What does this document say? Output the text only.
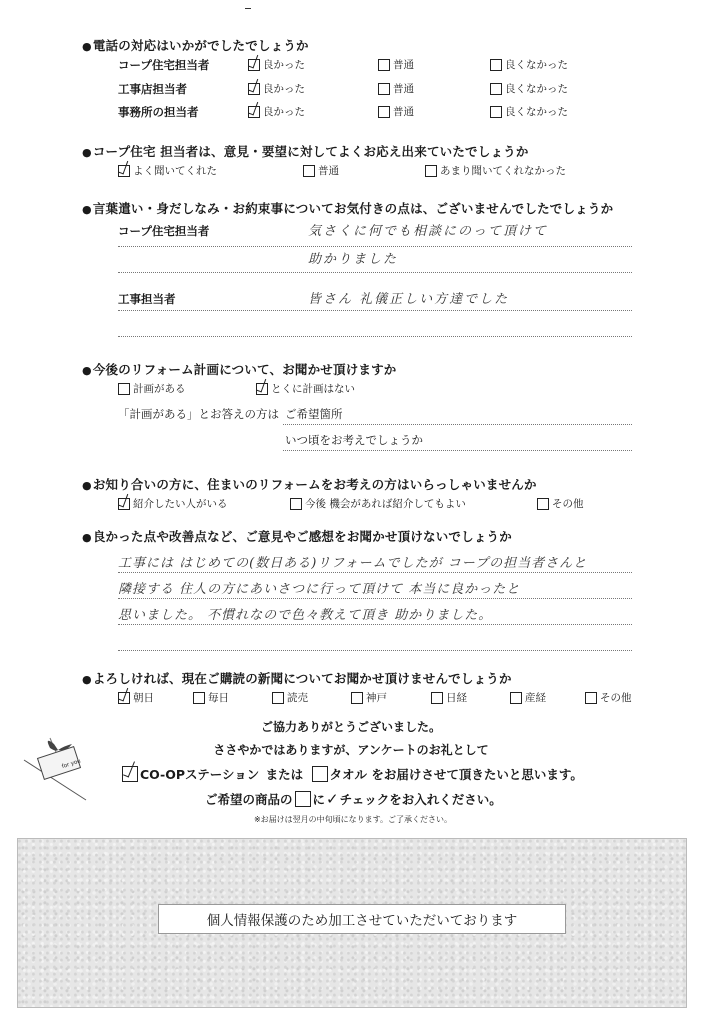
● 電話の対応はいかがでしたでしょうか
コープ住宅担当者	良かった	普通	良くなかった
工事店担当者	良かった	普通	良くなかった
事務所の担当者	良かった	普通	良くなかった
● コープ住宅 担当者は、意見・要望に対してよくお応え出来ていたでしょうか
よく聞いてくれた	普通	あまり聞いてくれなかった
● 言葉遣い・身だしなみ・お約束事についてお気付きの点は、ございませんでしたでしょうか
コープ住宅担当者	気さくに何でも相談にのって頂けて
助かりました
工事担当者	皆さん 礼儀正しい方達でした
● 今後のリフォーム計画について、お聞かせ頂けますか
計画がある	とくに計画はない
「計画がある」とお答えの方は ご希望箇所
いつ頃をお考えでしょうか
● お知り合いの方に、住まいのリフォームをお考えの方はいらっしゃいませんか
紹介したい人がいる	今後 機会があれば紹介してもよい	その他
● 良かった点や改善点など、ご意見やご感想をお聞かせ頂けないでしょうか
工事には はじめての(数日ある)リフォームでしたが コープの担当者さんと
隣接する 住人の方にあいさつに行って頂けて 本当に良かったと
思いました。 不慣れなので色々教えて頂き 助かりました。
● よろしければ、現在ご購読の新聞についてお聞かせ頂けませんでしょうか
朝日	毎日	読売	神戸	日経	産経	その他
for you
ご協力ありがとうございました。
ささやかではありますが、アンケートのお礼として
CO-OPステーション または タオル をお届けさせて頂きたいと思います。
ご希望の商品の に✓チェックをお入れください。
※お届けは翌月の中旬頃になります。ご了承ください。
個人情報保護のため加工させていただいております
